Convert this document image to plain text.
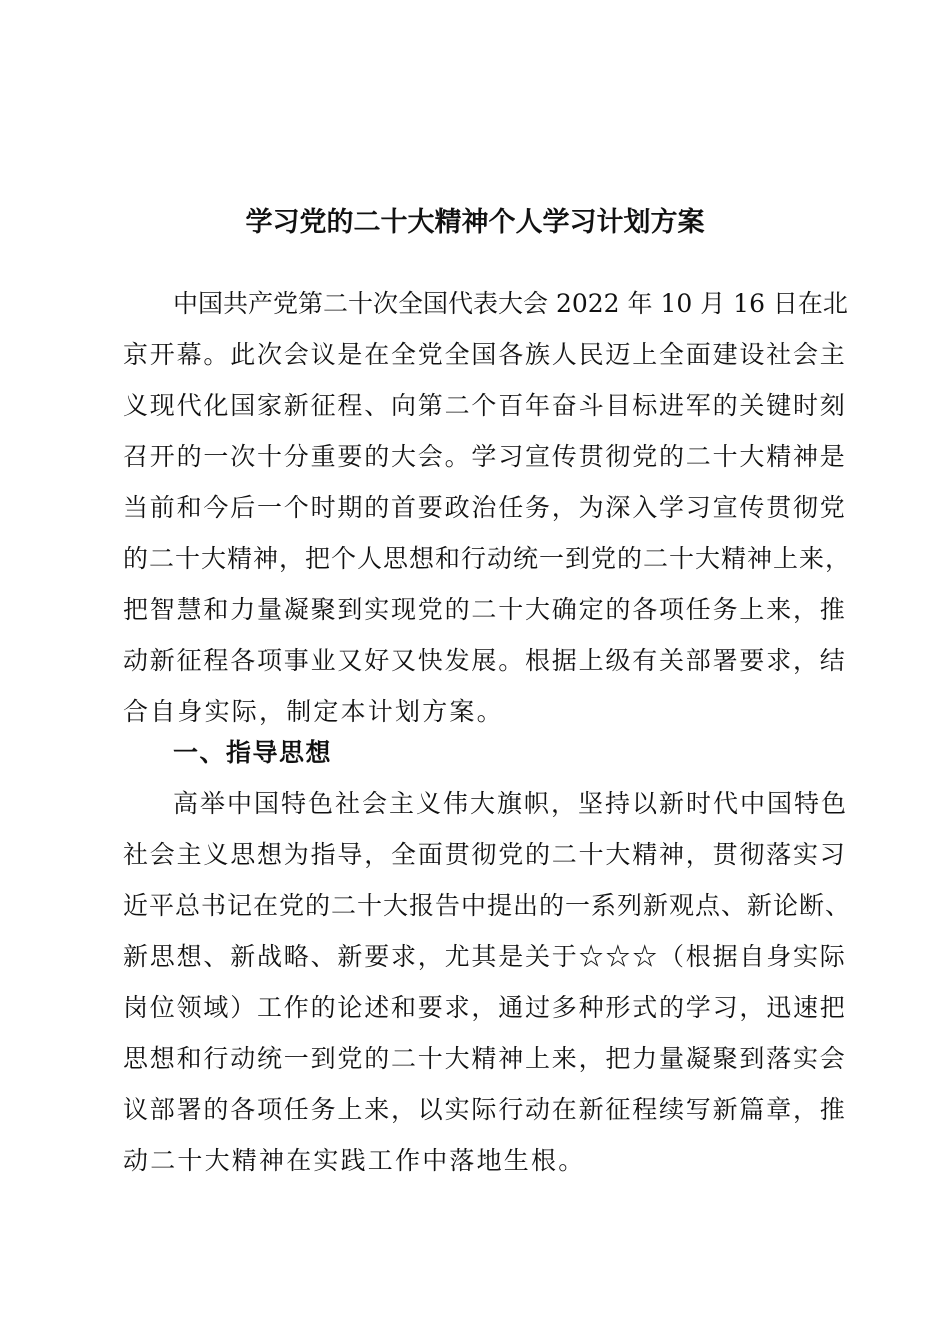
学习党的二十大精神个人学习计划方案
中国共产党第二十次全国代表大会 2022 年 10 月 16 日在北
京开幕。此次会议是在全党全国各族人民迈上全面建设社会主
义现代化国家新征程、向第二个百年奋斗目标进军的关键时刻
召开的一次十分重要的大会。学习宣传贯彻党的二十大精神是
当前和今后一个时期的首要政治任务，为深入学习宣传贯彻党
的二十大精神，把个人思想和行动统一到党的二十大精神上来，
把智慧和力量凝聚到实现党的二十大确定的各项任务上来，推
动新征程各项事业又好又快发展。根据上级有关部署要求，结
合自身实际，制定本计划方案。
一、指导思想
高举中国特色社会主义伟大旗帜，坚持以新时代中国特色
社会主义思想为指导，全面贯彻党的二十大精神，贯彻落实习
近平总书记在党的二十大报告中提出的一系列新观点、新论断、
新思想、新战略、新要求，尤其是关于☆☆☆（根据自身实际
岗位领域）工作的论述和要求，通过多种形式的学习，迅速把
思想和行动统一到党的二十大精神上来，把力量凝聚到落实会
议部署的各项任务上来，以实际行动在新征程续写新篇章，推
动二十大精神在实践工作中落地生根。
